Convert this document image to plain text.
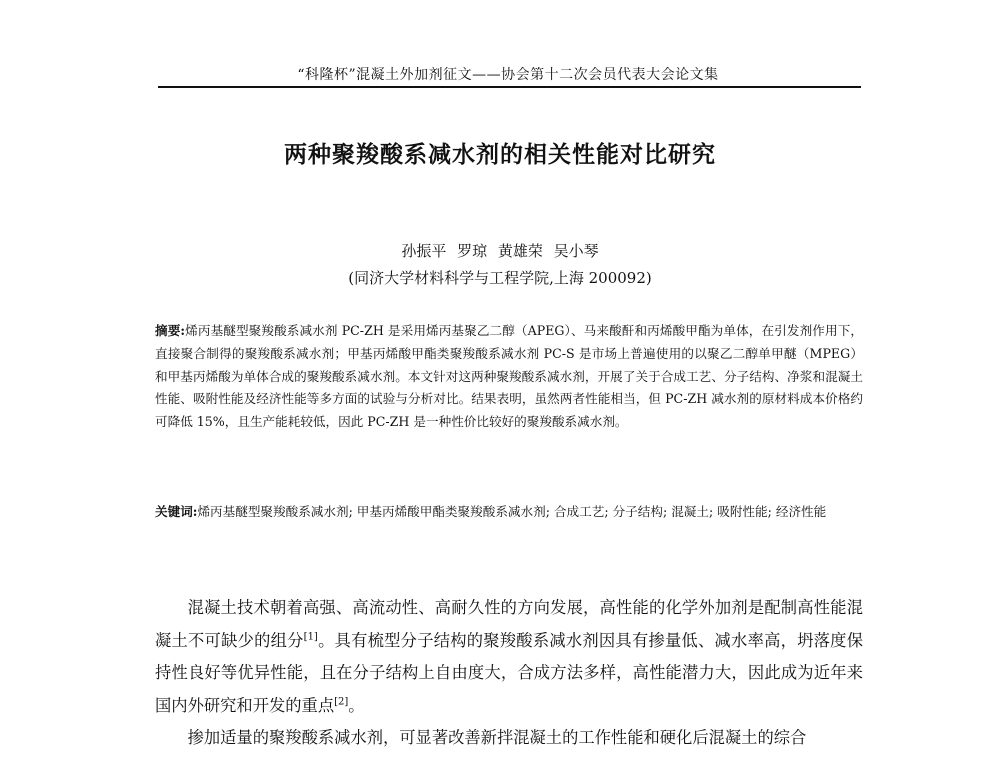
“科隆杯”混凝土外加剂征文——协会第十二次会员代表大会论文集
两种聚羧酸系减水剂的相关性能对比研究
孙振平 罗琼 黄雄荣 吴小琴
(同济大学材料科学与工程学院,上海 200092)
摘要:烯丙基醚型聚羧酸系减水剂 PC-ZH 是采用烯丙基聚乙二醇（APEG）、马来酸酐和丙烯酸甲酯为单体，在引发剂作用下，直接聚合制得的聚羧酸系减水剂；甲基丙烯酸甲酯类聚羧酸系减水剂 PC-S 是市场上普遍使用的以聚乙二醇单甲醚（MPEG）和甲基丙烯酸为单体合成的聚羧酸系减水剂。本文针对这两种聚羧酸系减水剂，开展了关于合成工艺、分子结构、净浆和混凝土性能、吸附性能及经济性能等多方面的试验与分析对比。结果表明，虽然两者性能相当，但 PC-ZH 减水剂的原材料成本价格约可降低 15%，且生产能耗较低，因此 PC-ZH 是一种性价比较好的聚羧酸系减水剂。
关键词:烯丙基醚型聚羧酸系减水剂; 甲基丙烯酸甲酯类聚羧酸系减水剂; 合成工艺; 分子结构; 混凝土; 吸附性能; 经济性能

混凝土技术朝着高强、高流动性、高耐久性的方向发展，高性能的化学外加剂是配制高性能混凝土不可缺少的组分[1]。具有梳型分子结构的聚羧酸系减水剂因具有掺量低、减水率高，坍落度保持性良好等优异性能，且在分子结构上自由度大，合成方法多样，高性能潜力大，因此成为近年来国内外研究和开发的重点[2]。

掺加适量的聚羧酸系减水剂，可显著改善新拌混凝土的工作性能和硬化后混凝土的综合
